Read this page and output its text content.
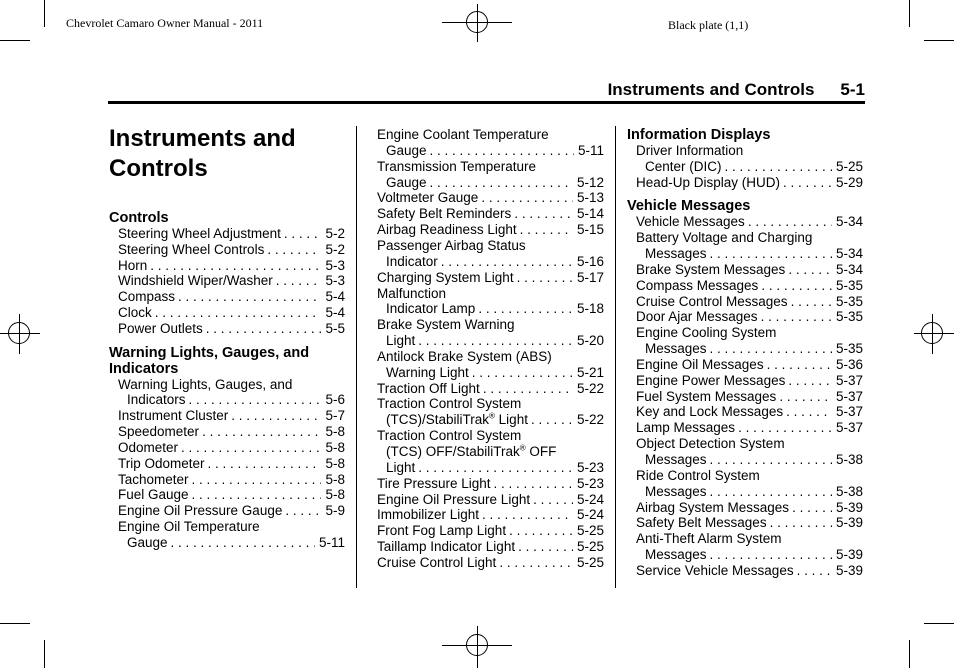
Chevrolet Camaro Owner Manual - 2011	Black plate (1,1)
Instruments and Controls 5-1
Instruments and Controls
Controls
Steering Wheel Adjustment . . .	5-2
Steering Wheel Controls . . .	5-2
Horn . . .	5-3
Windshield Wiper/Washer . . .	5-3
Compass . . .	5-4
Clock . . .	5-4
Power Outlets . . .	5-5
Warning Lights, Gauges, and
Indicators
Warning Lights, Gauges, and
Indicators . . .	5-6
Instrument Cluster . . .	5-7
Speedometer . . .	5-8
Odometer . . .	5-8
Trip Odometer . . .	5-8
Tachometer . . .	5-8
Fuel Gauge . . .	5-8
Engine Oil Pressure Gauge . . .	5-9
Engine Oil Temperature
Gauge . . .	5-11
Engine Coolant Temperature
Gauge . . .	5-11
Transmission Temperature
Gauge . . .	5-12
Voltmeter Gauge . . .	5-13
Safety Belt Reminders . . .	5-14
Airbag Readiness Light . . .	5-15
Passenger Airbag Status
Indicator . . .	5-16
Charging System Light . . .	5-17
Malfunction
Indicator Lamp . . .	5-18
Brake System Warning
Light . . .	5-20
Antilock Brake System (ABS)
Warning Light . . .	5-21
Traction Off Light . . .	5-22
Traction Control System
(TCS)/StabiliTrak® Light . . .	5-22
Traction Control System
(TCS) OFF/StabiliTrak® OFF
Light . . .	5-23
Tire Pressure Light . . .	5-23
Engine Oil Pressure Light . . .	5-24
Immobilizer Light . . .	5-24
Front Fog Lamp Light . . .	5-25
Taillamp Indicator Light . . .	5-25
Cruise Control Light . . .	5-25
Information Displays
Driver Information
Center (DIC) . . .	5-25
Head-Up Display (HUD) . . .	5-29
Vehicle Messages
Vehicle Messages . . .	5-34
Battery Voltage and Charging
Messages . . .	5-34
Brake System Messages . . .	5-34
Compass Messages . . .	5-35
Cruise Control Messages . . .	5-35
Door Ajar Messages . . .	5-35
Engine Cooling System
Messages . . .	5-35
Engine Oil Messages . . .	5-36
Engine Power Messages . . .	5-37
Fuel System Messages . . .	5-37
Key and Lock Messages . . .	5-37
Lamp Messages . . .	5-37
Object Detection System
Messages . . .	5-38
Ride Control System
Messages . . .	5-38
Airbag System Messages . . .	5-39
Safety Belt Messages . . .	5-39
Anti-Theft Alarm System
Messages . . .	5-39
Service Vehicle Messages . . .	5-39
